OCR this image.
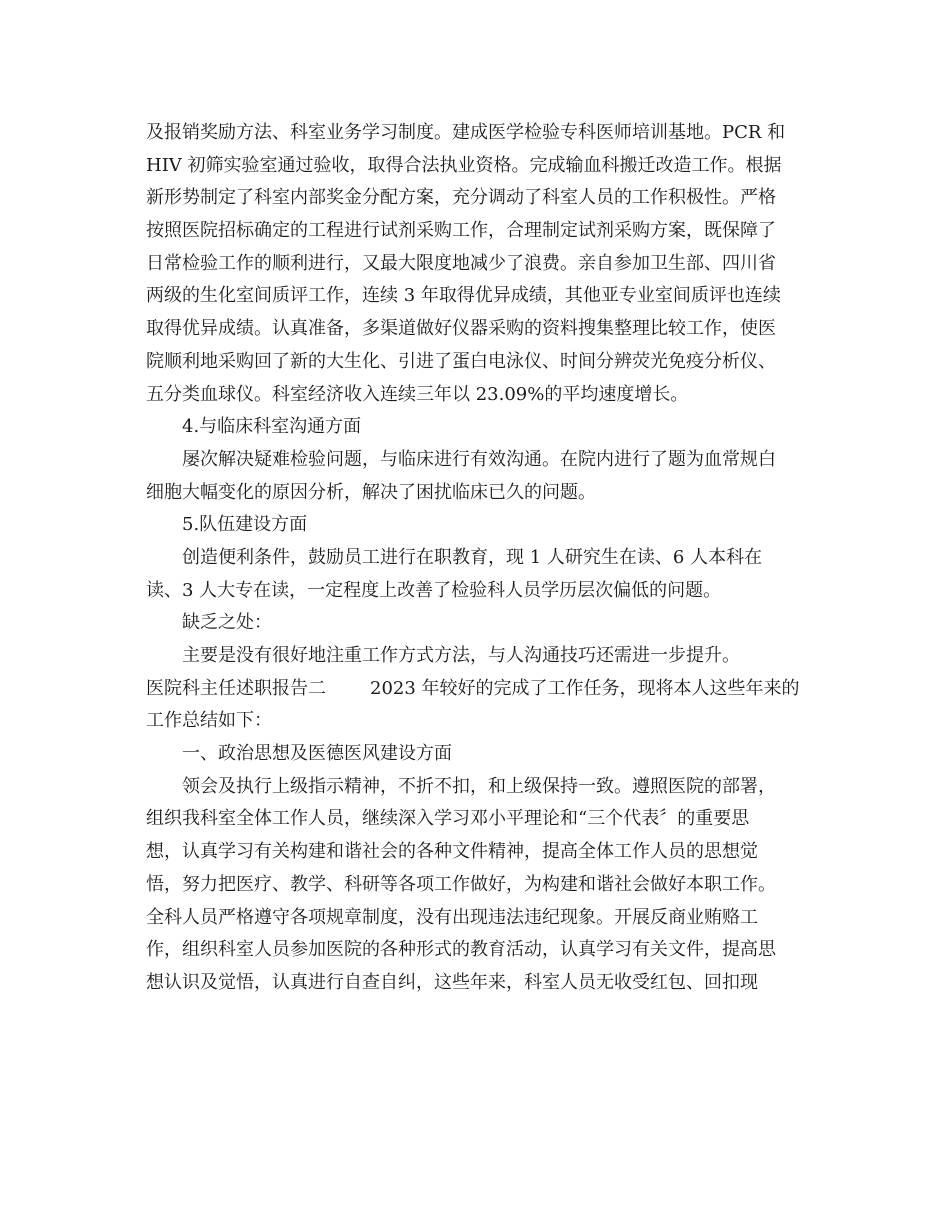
及报销奖励方法、科室业务学习制度。建成医学检验专科医师培训基地。PCR 和
HIV 初筛实验室通过验收，取得合法执业资格。完成输血科搬迁改造工作。根据
新形势制定了科室内部奖金分配方案，充分调动了科室人员的工作积极性。严格
按照医院招标确定的工程进行试剂采购工作，合理制定试剂采购方案，既保障了
日常检验工作的顺利进行，又最大限度地减少了浪费。亲自参加卫生部、四川省
两级的生化室间质评工作，连续 3 年取得优异成绩，其他亚专业室间质评也连续
取得优异成绩。认真准备，多渠道做好仪器采购的资料搜集整理比较工作，使医
院顺利地采购回了新的大生化、引进了蛋白电泳仪、时间分辨荧光免疫分析仪、
五分类血球仪。科室经济收入连续三年以 23.09%的平均速度增长。
4.与临床科室沟通方面
屡次解决疑难检验问题，与临床进行有效沟通。在院内进行了题为血常规白
细胞大幅变化的原因分析，解决了困扰临床已久的问题。
5.队伍建设方面
创造便利条件，鼓励员工进行在职教育，现 1 人研究生在读、6 人本科在
读、3 人大专在读，一定程度上改善了检验科人员学历层次偏低的问题。
缺乏之处：
主要是没有很好地注重工作方式方法，与人沟通技巧还需进一步提升。
医院科主任述职报告二 2023 年较好的完成了工作任务，现将本人这些年来的
工作总结如下：
一、政治思想及医德医风建设方面
领会及执行上级指示精神，不折不扣，和上级保持一致。遵照医院的部署，
组织我科室全体工作人员，继续深入学习邓小平理论和“三个代表〞的重要思
想，认真学习有关构建和谐社会的各种文件精神，提高全体工作人员的思想觉
悟，努力把医疗、教学、科研等各项工作做好，为构建和谐社会做好本职工作。
全科人员严格遵守各项规章制度，没有出现违法违纪现象。开展反商业贿赂工
作，组织科室人员参加医院的各种形式的教育活动，认真学习有关文件，提高思
想认识及觉悟，认真进行自查自纠，这些年来，科室人员无收受红包、回扣现
